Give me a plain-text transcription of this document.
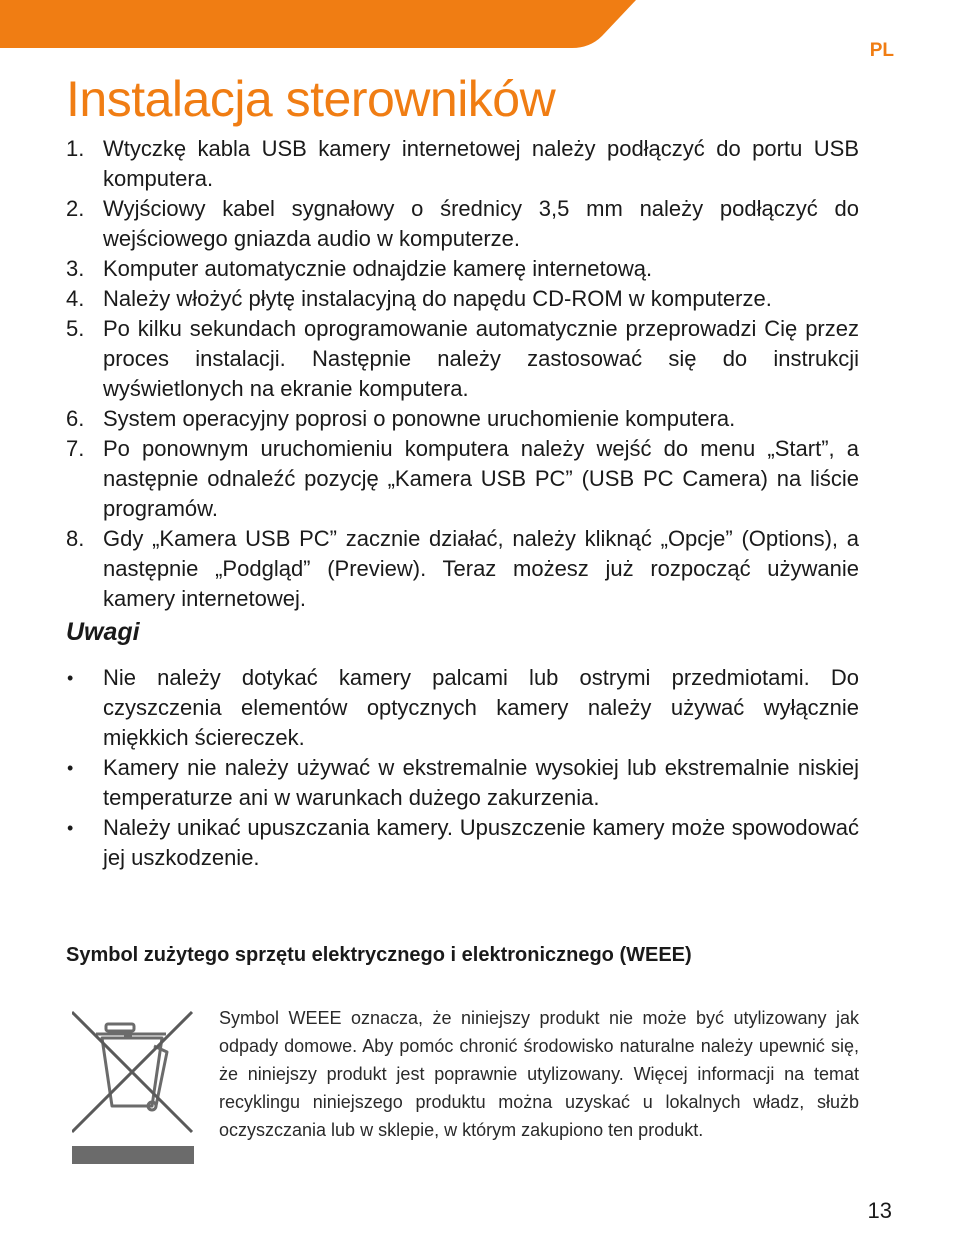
PL
Instalacja sterowników
1. Wtyczkę kabla USB kamery internetowej należy podłączyć do portu USB komputera.
2. Wyjściowy kabel sygnałowy o średnicy 3,5 mm należy podłączyć do wejściowego gniazda audio w komputerze.
3. Komputer automatycznie odnajdzie kamerę internetową.
4. Należy włożyć płytę instalacyjną do napędu CD-ROM w komputerze.
5. Po kilku sekundach oprogramowanie automatycznie przeprowadzi Cię przez proces instalacji. Następnie należy zastosować się do instrukcji wyświetlonych na ekranie komputera.
6. System operacyjny poprosi o ponowne uruchomienie komputera.
7. Po ponownym uruchomieniu komputera należy wejść do menu „Start”, a następnie odnaleźć pozycję „Kamera USB PC” (USB PC Camera) na liście programów.
8. Gdy „Kamera USB PC” zacznie działać, należy kliknąć „Opcje” (Options), a następnie „Podgląd” (Preview). Teraz możesz już rozpocząć używanie kamery internetowej.
Uwagi
• Nie należy dotykać kamery palcami lub ostrymi przedmiotami. Do czyszczenia elementów optycznych kamery należy używać wyłącznie miękkich ściereczek.
• Kamery nie należy używać w ekstremalnie wysokiej lub ekstremalnie niskiej temperaturze ani w warunkach dużego zakurzenia.
• Należy unikać upuszczania kamery. Upuszczenie kamery może spowodować jej uszkodzenie.
Symbol zużytego sprzętu elektrycznego i elektronicznego (WEEE)

Symbol WEEE oznacza, że niniejszy produkt nie może być utylizowany jak odpady domowe. Aby pomóc chronić środowisko naturalne należy upewnić się, że niniejszy produkt jest poprawnie utylizowany. Więcej informacji na temat recyklingu niniejszego produktu można uzyskać u lokalnych władz, służb oczyszczania lub w sklepie, w którym zakupiono ten produkt.

13
